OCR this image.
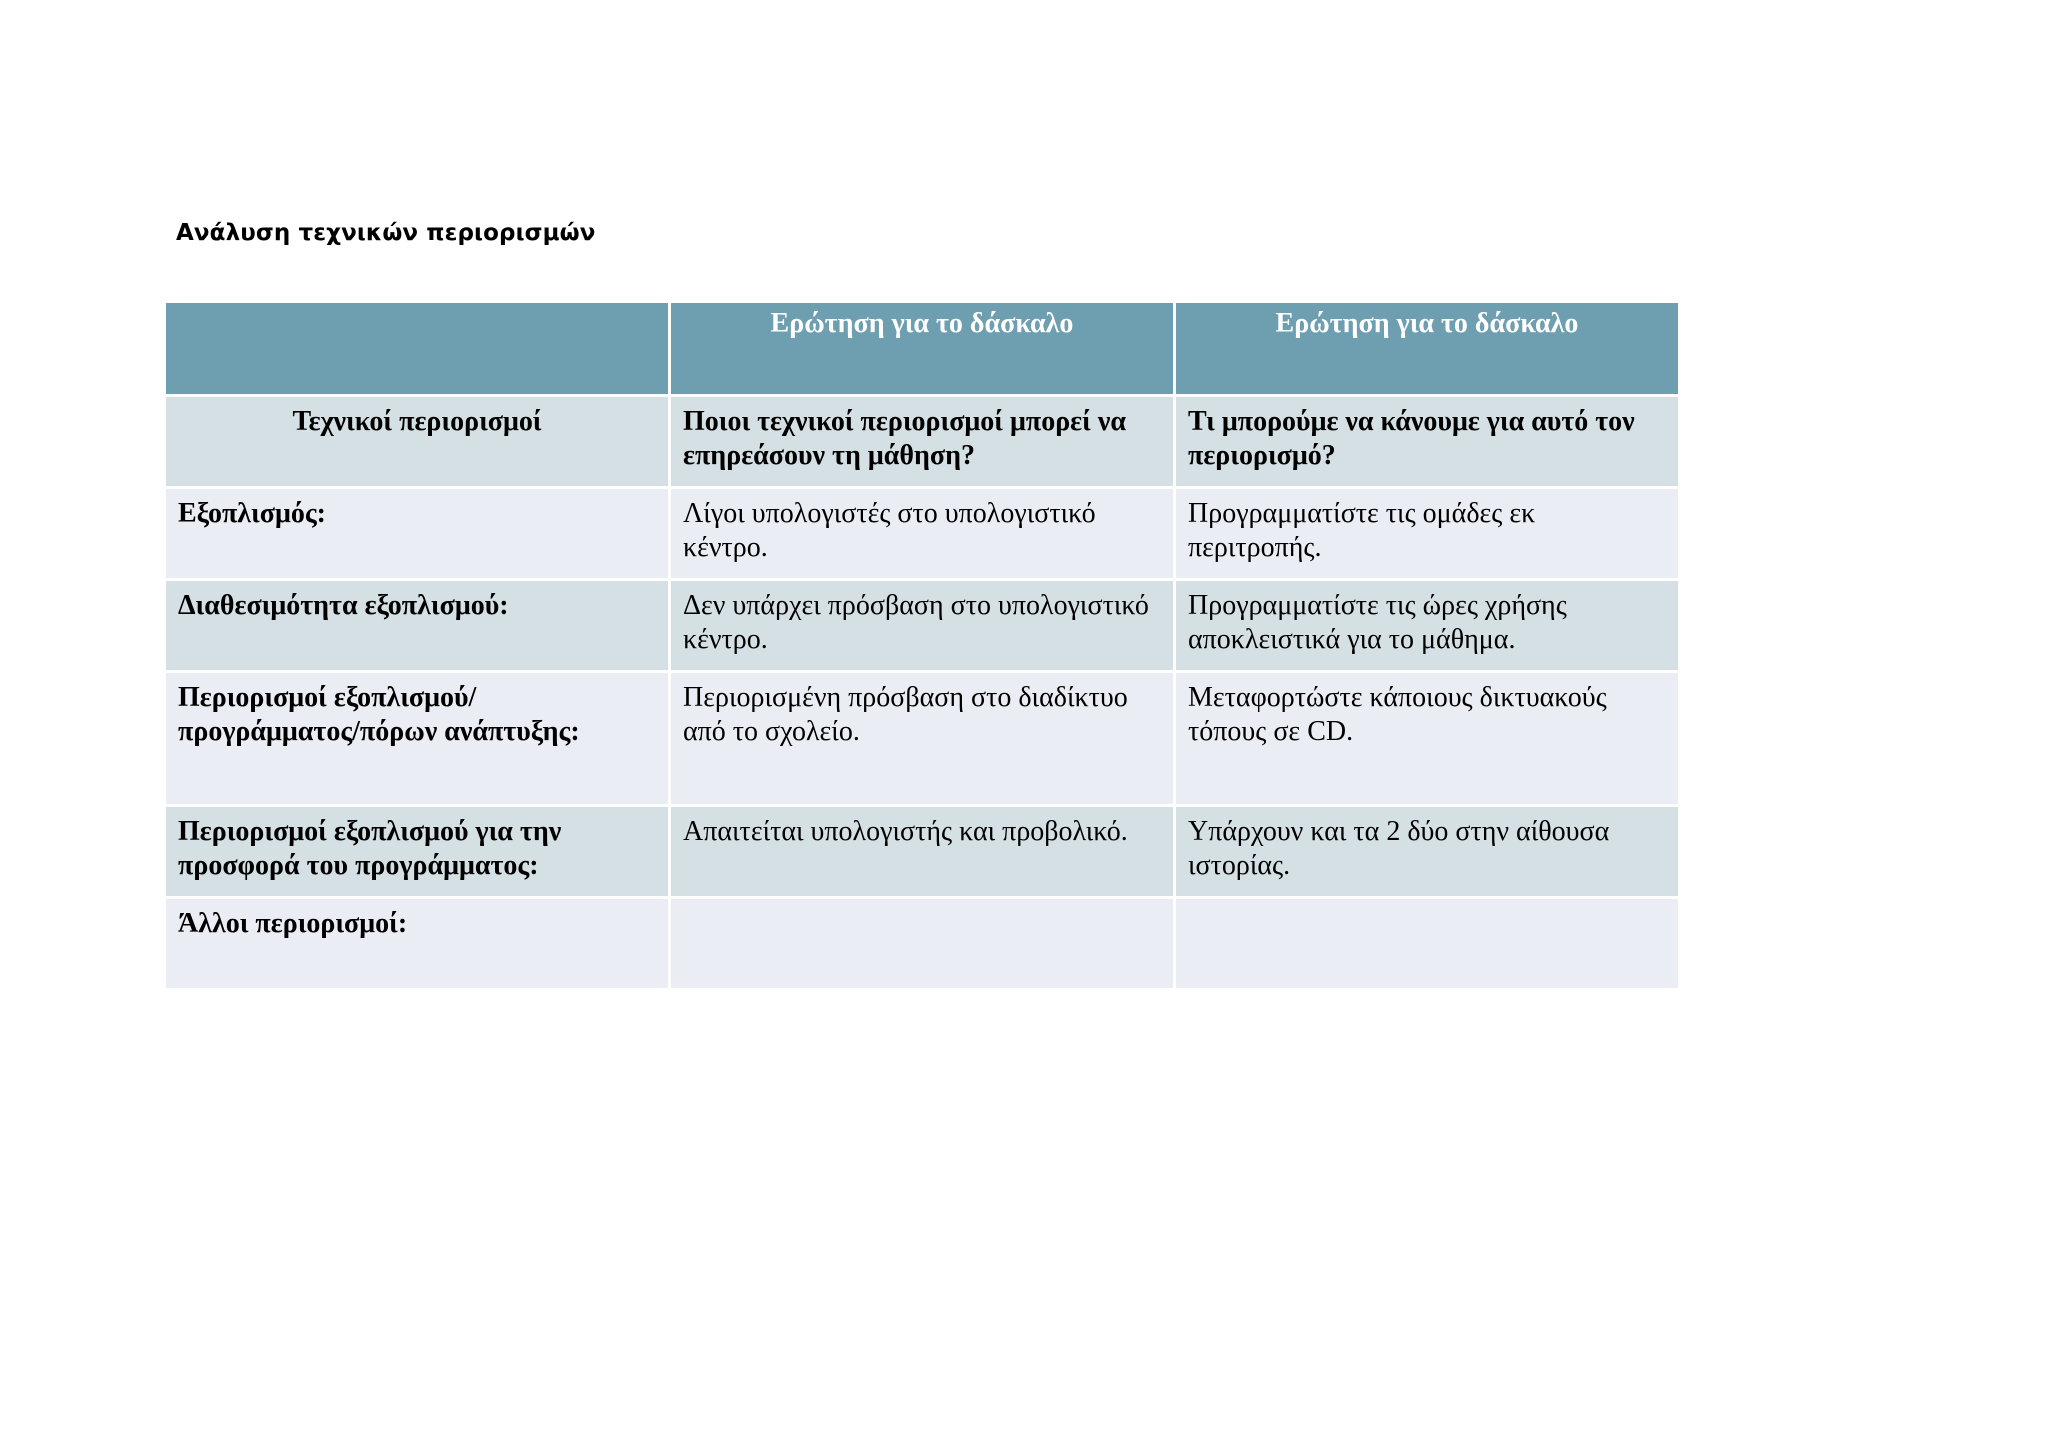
Ανάλυση τεχνικών περιορισμών
	Ερώτηση για το δάσκαλο	Ερώτηση για το δάσκαλο
Τεχνικοί περιορισμοί	Ποιοι τεχνικοί περιορισμοί μπορεί να επηρεάσουν τη μάθηση?	Τι μπορούμε να κάνουμε για αυτό τον περιορισμό?
Εξοπλισμός:	Λίγοι υπολογιστές στο υπολογιστικό κέντρο.	Προγραμματίστε τις ομάδες εκ περιτροπής.
Διαθεσιμότητα εξοπλισμού:	Δεν υπάρχει πρόσβαση στο υπολογιστικό κέντρο.	Προγραμματίστε τις ώρες χρήσης αποκλειστικά για το μάθημα.
Περιορισμοί εξοπλισμού/προγράμματος/πόρων ανάπτυξης:	Περιορισμένη πρόσβαση στο διαδίκτυο από το σχολείο.	Μεταφορτώστε κάποιους δικτυακούς τόπους σε CD.
Περιορισμοί εξοπλισμού για την προσφορά του προγράμματος:	Απαιτείται υπολογιστής και προβολικό.	Υπάρχουν και τα 2 δύο στην αίθουσα ιστορίας.
Άλλοι περιορισμοί:		
